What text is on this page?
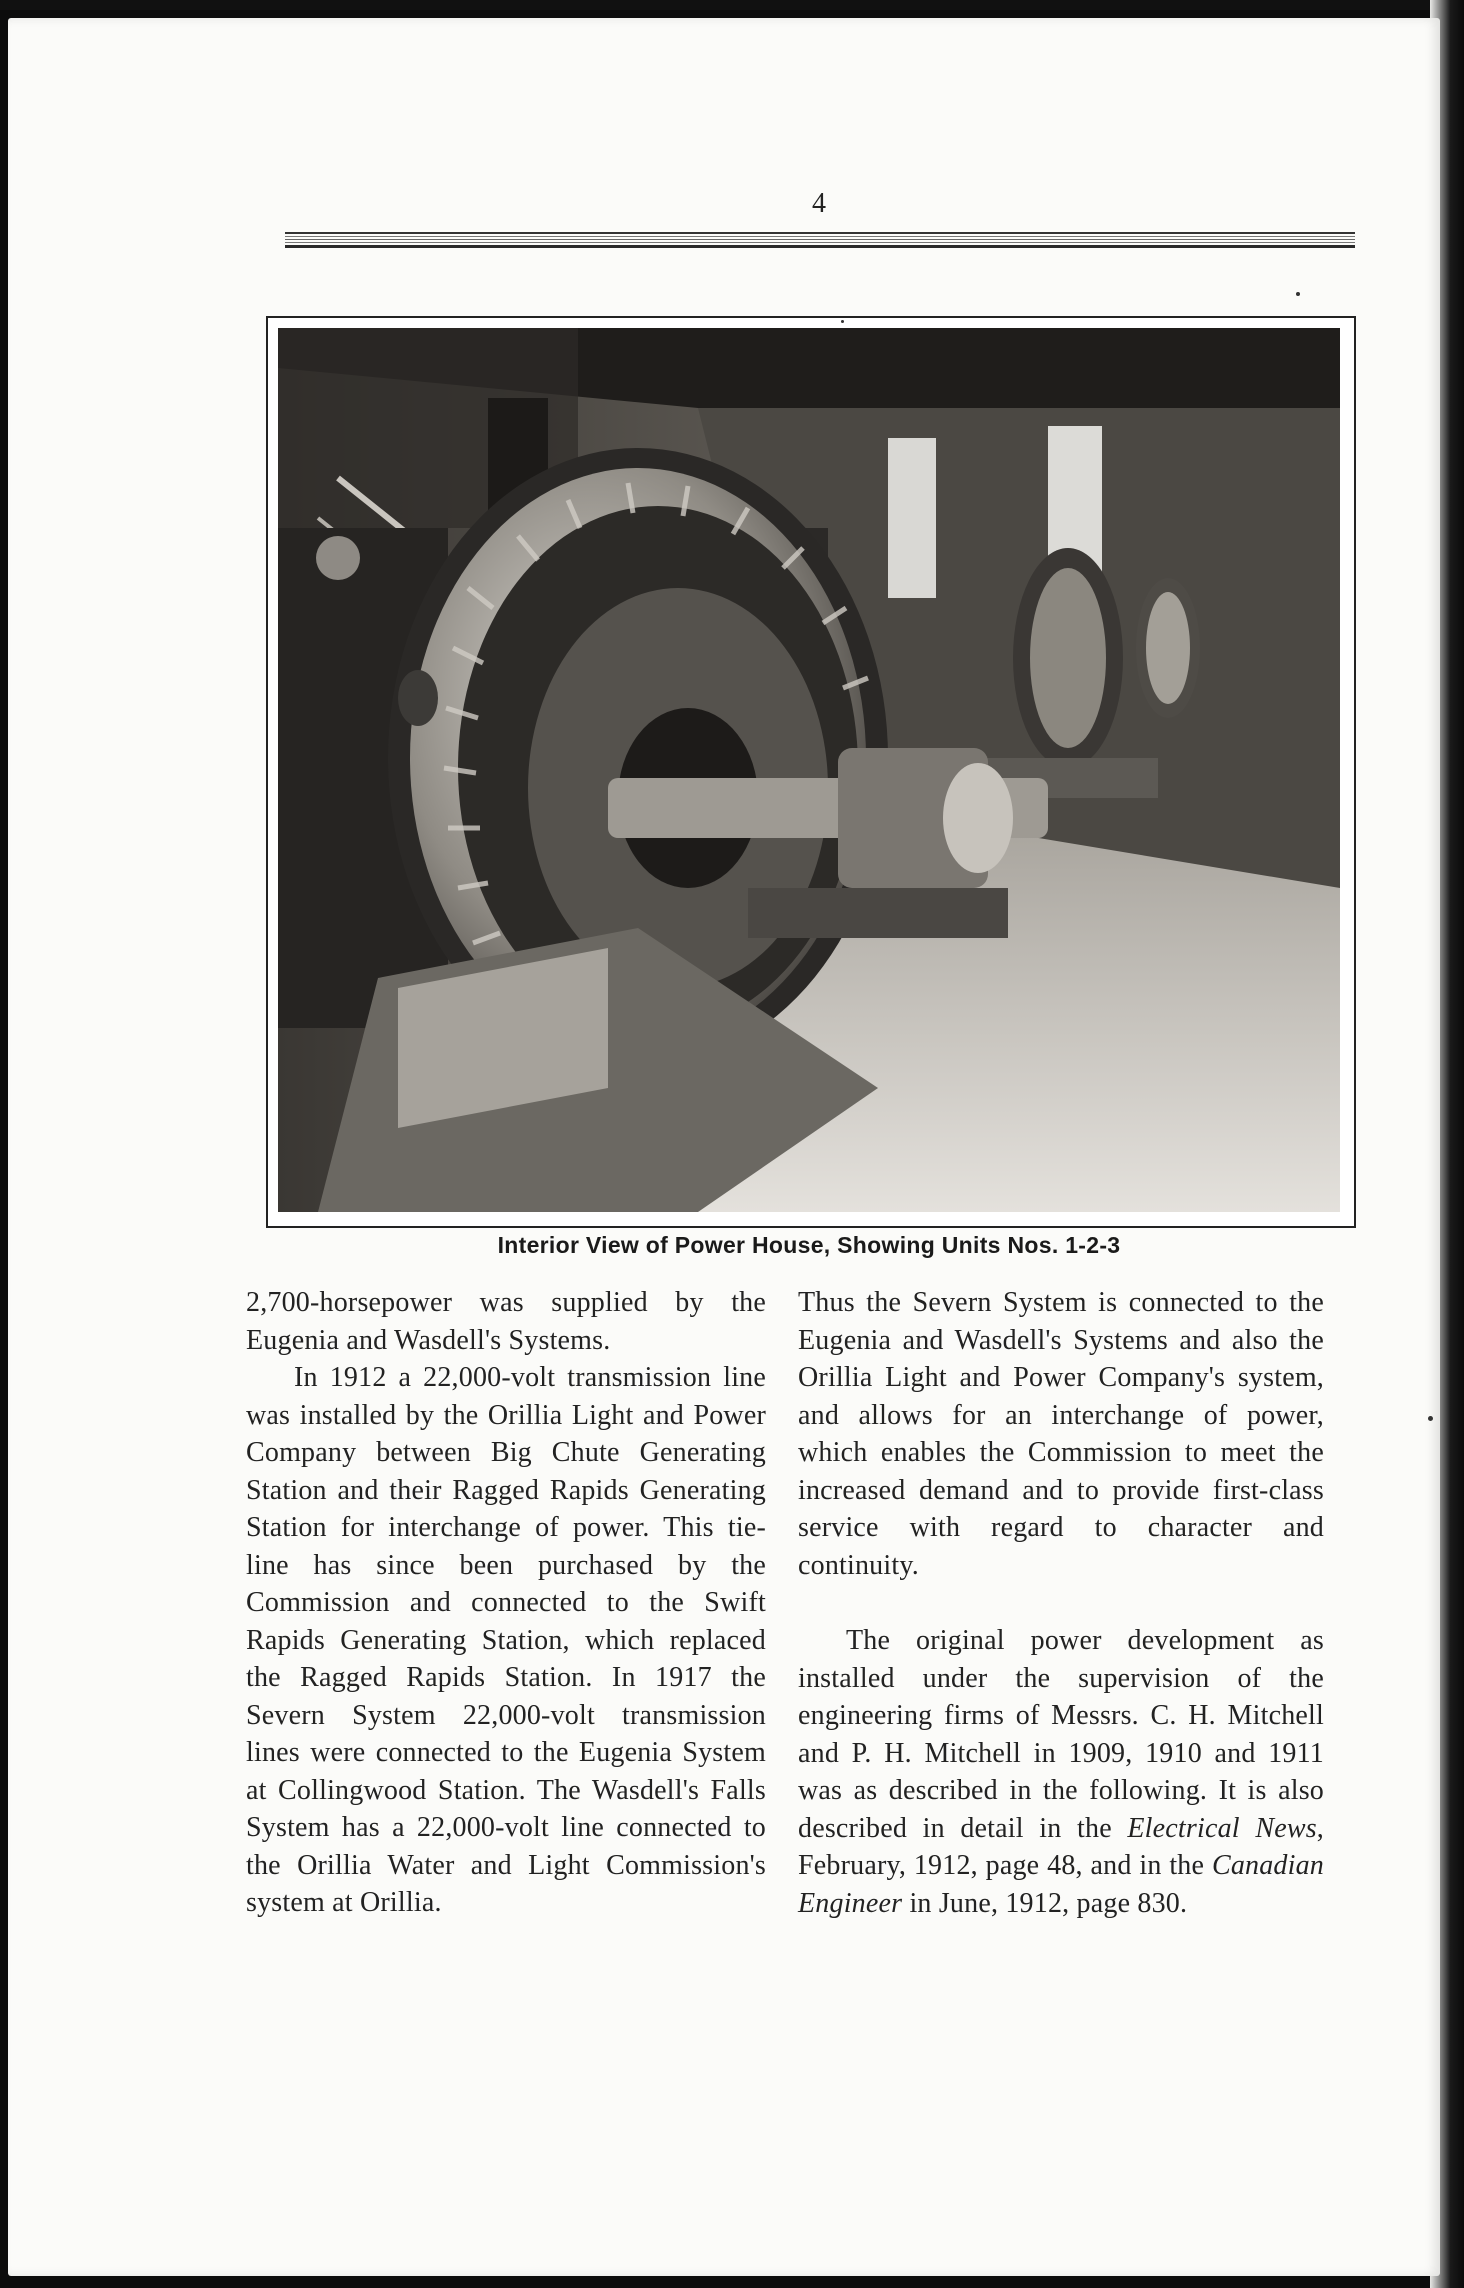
4
Interior View of Power House, Showing Units Nos. 1-2-3

2,700-horsepower was supplied by the Eugenia and Wasdell's Systems.

In 1912 a 22,000-volt transmission line was installed by the Orillia Light and Power Company between Big Chute Generating Station and their Ragged Rapids Generating Station for interchange of power. This tie-line has since been purchased by the Commission and connected to the Swift Rapids Generating Station, which replaced the Ragged Rapids Station. In 1917 the Severn System 22,000-volt transmission lines were connected to the Eugenia System at Collingwood Station. The Wasdell's Falls System has a 22,000-volt line connected to the Orillia Water and Light Commission's system at Orillia.

Thus the Severn System is connected to the Eugenia and Wasdell's Systems and also the Orillia Light and Power Company's system, and allows for an interchange of power, which enables the Commission to meet the increased demand and to provide first-class service with regard to character and continuity.

The original power development as installed under the supervision of the engineering firms of Messrs. C. H. Mitchell and P. H. Mitchell in 1909, 1910 and 1911 was as described in the following. It is also described in detail in the Electrical News, February, 1912, page 48, and in the Canadian Engineer in June, 1912, page 830.
